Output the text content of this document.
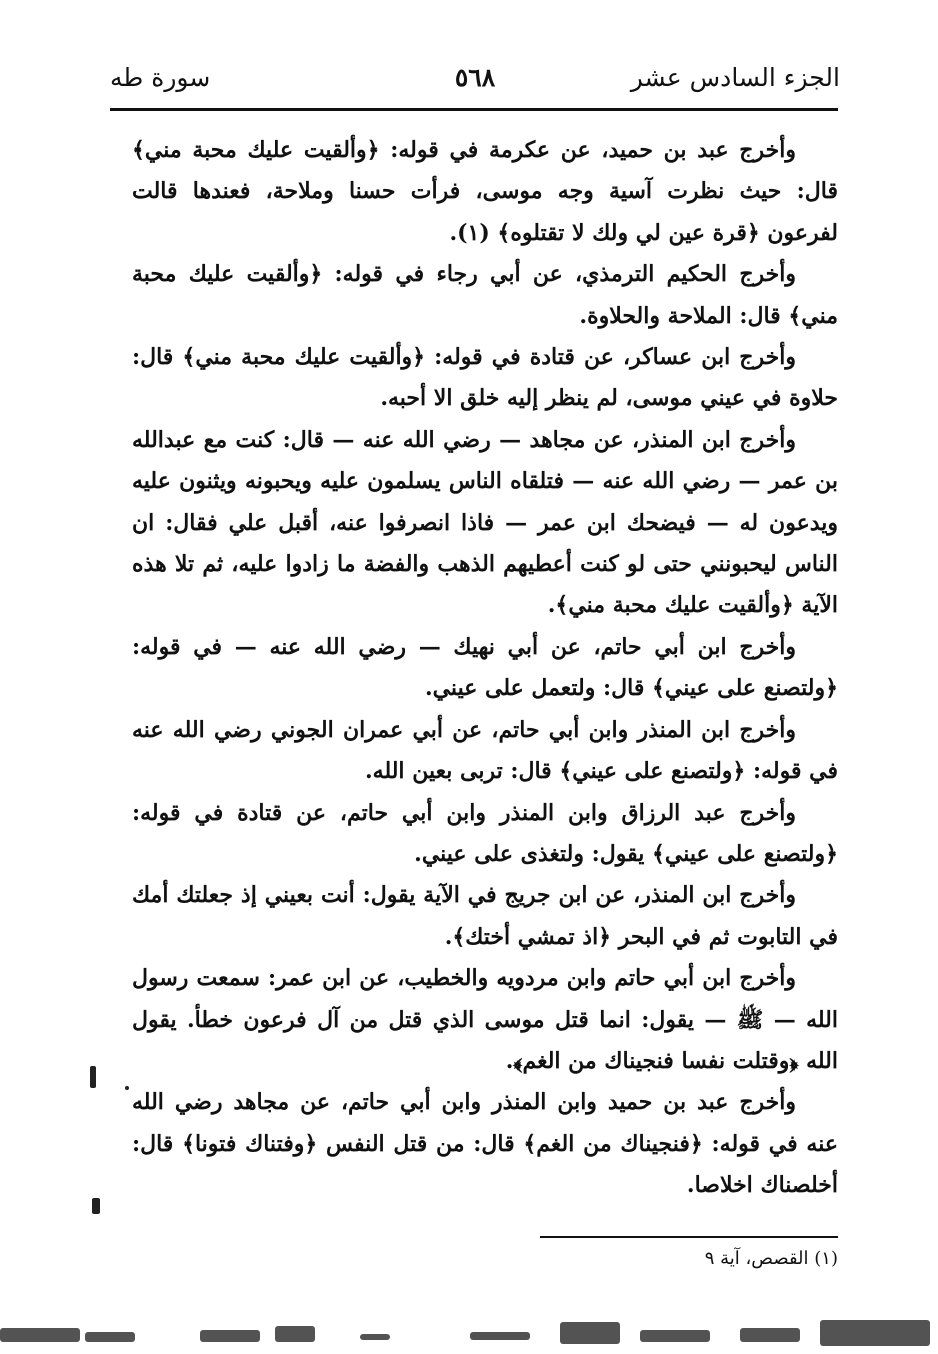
الجزء السادس عشر
٥٦٨
سورة طه

وأخرج عبد بن حميد، عن عكرمة في قوله: ﴿وألقيت عليك محبة مني﴾ قال: حيث نظرت آسية وجه موسى، فرأت حسنا وملاحة، فعندها قالت لفرعون ﴿قرة عين لي ولك لا تقتلوه﴾ (١).

وأخرج الحكيم الترمذي، عن أبي رجاء في قوله: ﴿وألقيت عليك محبة مني﴾ قال: الملاحة والحلاوة.

وأخرج ابن عساكر، عن قتادة في قوله: ﴿وألقيت عليك محبة مني﴾ قال: حلاوة في عيني موسى، لم ينظر إليه خلق الا أحبه.

وأخرج ابن المنذر، عن مجاهد — رضي الله عنه — قال: كنت مع عبدالله بن عمر — رضي الله عنه — فتلقاه الناس يسلمون عليه ويحبونه ويثنون عليه ويدعون له — فيضحك ابن عمر — فاذا انصرفوا عنه، أقبل علي فقال: ان الناس ليحبونني حتى لو كنت أعطيهم الذهب والفضة ما زادوا عليه، ثم تلا هذه الآية ﴿وألقيت عليك محبة مني﴾.

وأخرج ابن أبي حاتم، عن أبي نهيك — رضي الله عنه — في قوله: ﴿ولتصنع على عيني﴾ قال: ولتعمل على عيني.

وأخرج ابن المنذر وابن أبي حاتم، عن أبي عمران الجوني رضي الله عنه في قوله: ﴿ولتصنع على عيني﴾ قال: تربى بعين الله.

وأخرج عبد الرزاق وابن المنذر وابن أبي حاتم، عن قتادة في قوله: ﴿ولتصنع على عيني﴾ يقول: ولتغذى على عيني.

وأخرج ابن المنذر، عن ابن جريج في الآية يقول: أنت بعيني إذ جعلتك أمك في التابوت ثم في البحر ﴿اذ تمشي أختك﴾.

وأخرج ابن أبي حاتم وابن مردويه والخطيب، عن ابن عمر: سمعت رسول الله — ﷺ — يقول: انما قتل موسى الذي قتل من آل فرعون خطأ. يقول الله ﴿وقتلت نفسا فنجيناك من الغم﴾.

وأخرج عبد بن حميد وابن المنذر وابن أبي حاتم، عن مجاهد رضي الله عنه في قوله: ﴿فنجيناك من الغم﴾ قال: من قتل النفس ﴿وفتناك فتونا﴾ قال: أخلصناك اخلاصا.

(١) القصص، آية ٩
